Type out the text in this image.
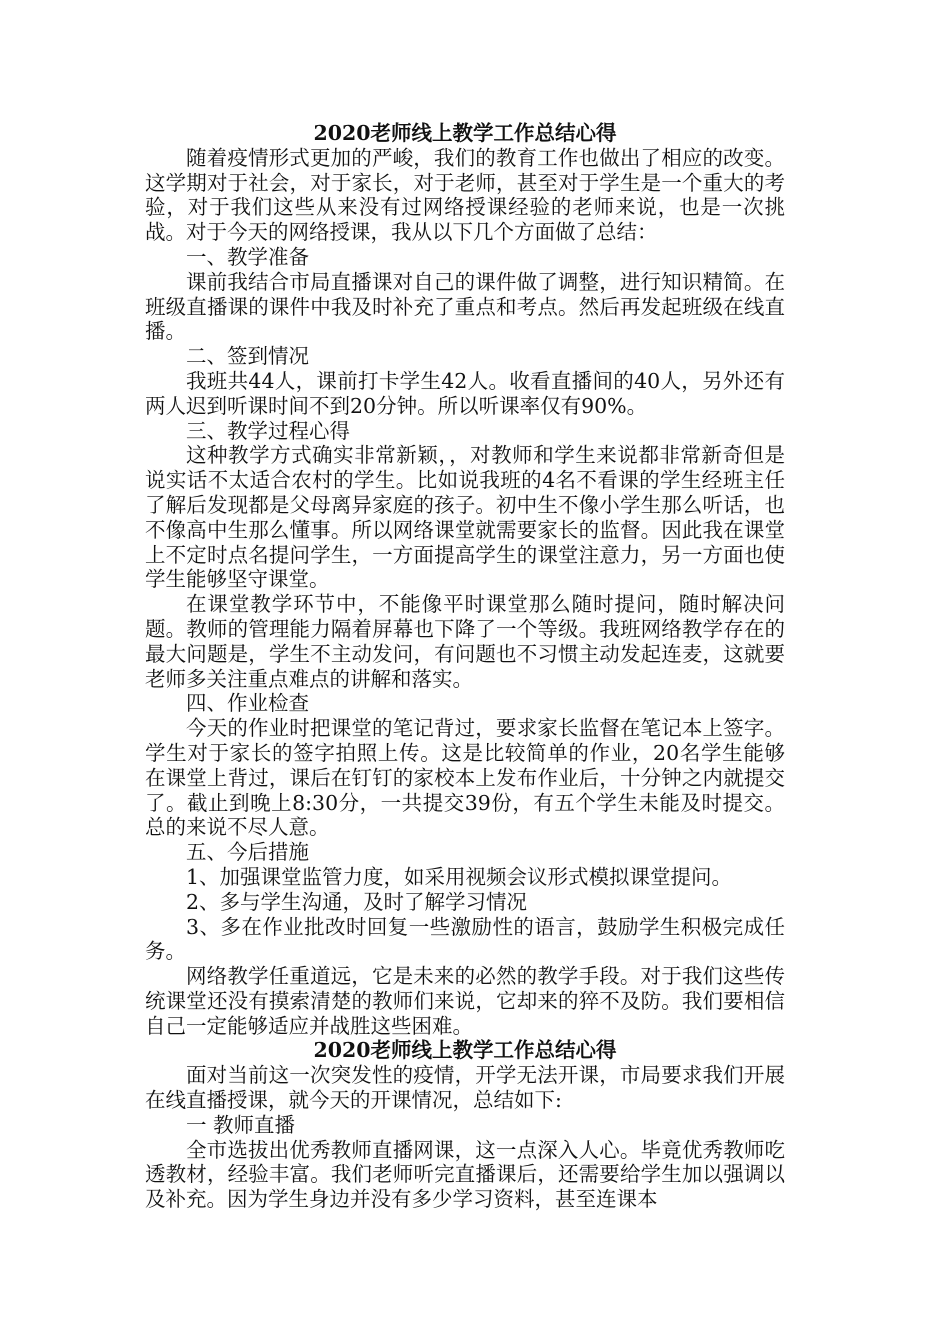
2020老师线上教学工作总结心得

随着疫情形式更加的严峻，我们的教育工作也做出了相应的改变。这学期对于社会，对于家长，对于老师，甚至对于学生是一个重大的考验，对于我们这些从来没有过网络授课经验的老师来说，也是一次挑战。对于今天的网络授课，我从以下几个方面做了总结：

一、教学准备

课前我结合市局直播课对自己的课件做了调整，进行知识精简。在班级直播课的课件中我及时补充了重点和考点。然后再发起班级在线直播。

二、签到情况

我班共44人，课前打卡学生42人。收看直播间的40人，另外还有两人迟到听课时间不到20分钟。所以听课率仅有90%。

三、教学过程心得

这种教学方式确实非常新颖，，对教师和学生来说都非常新奇但是说实话不太适合农村的学生。比如说我班的4名不看课的学生经班主任了解后发现都是父母离异家庭的孩子。初中生不像小学生那么听话，也不像高中生那么懂事。所以网络课堂就需要家长的监督。因此我在课堂上不定时点名提问学生，一方面提高学生的课堂注意力，另一方面也使学生能够坚守课堂。

在课堂教学环节中，不能像平时课堂那么随时提问，随时解决问题。教师的管理能力隔着屏幕也下降了一个等级。我班网络教学存在的最大问题是，学生不主动发问，有问题也不习惯主动发起连麦，这就要老师多关注重点难点的讲解和落实。

四、作业检查

今天的作业时把课堂的笔记背过，要求家长监督在笔记本上签字。学生对于家长的签字拍照上传。这是比较简单的作业，20名学生能够在课堂上背过，课后在钉钉的家校本上发布作业后，十分钟之内就提交了。截止到晚上8:30分，一共提交39份，有五个学生未能及时提交。总的来说不尽人意。

五、今后措施

1、加强课堂监管力度，如采用视频会议形式模拟课堂提问。

2、多与学生沟通，及时了解学习情况

3、多在作业批改时回复一些激励性的语言，鼓励学生积极完成任务。

网络教学任重道远，它是未来的必然的教学手段。对于我们这些传统课堂还没有摸索清楚的教师们来说，它却来的猝不及防。我们要相信自己一定能够适应并战胜这些困难。

2020老师线上教学工作总结心得

面对当前这一次突发性的疫情，开学无法开课，市局要求我们开展在线直播授课，就今天的开课情况，总结如下:

一 教师直播

全市选拔出优秀教师直播网课，这一点深入人心。毕竟优秀教师吃透教材，经验丰富。我们老师听完直播课后，还需要给学生加以强调以及补充。因为学生身边并没有多少学习资料，甚至连课本
